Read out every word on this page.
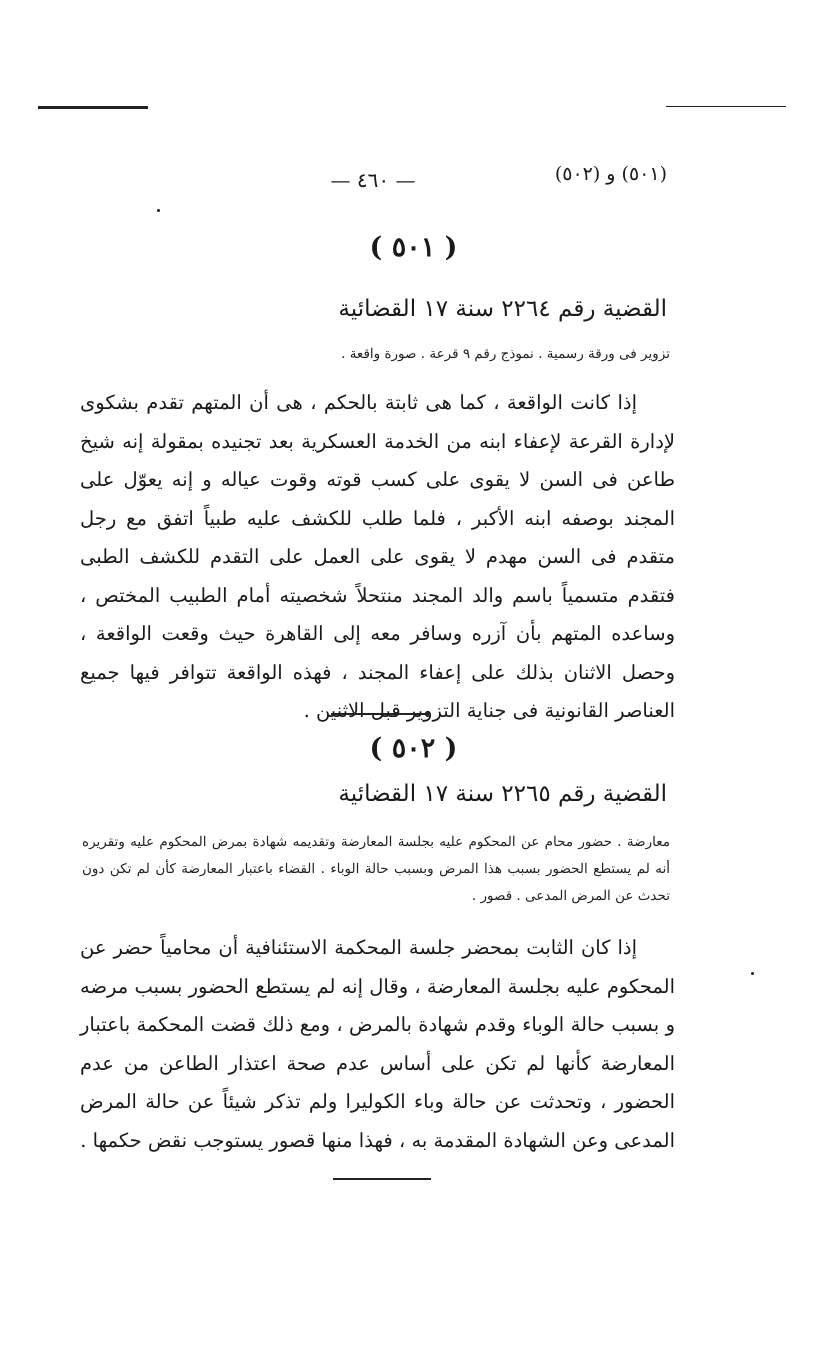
(٥٠١) و (٥٠٢)
— ٤٦٠ —
( ٥٠١ )
القضية رقم ٢٢٦٤ سنة ١٧ القضائية
تزوير فى ورقة رسمية . نموذج رقم ٩ قرعة . صورة واقعة .

إذا كانت الواقعة ، كما هى ثابتة بالحكم ، هى أن المتهم تقدم بشكوى لإدارة القرعة لإعفاء ابنه من الخدمة العسكرية بعد تجنيده بمقولة إنه شيخ طاعن فى السن لا يقوى على كسب قوته وقوت عياله و إنه يعوّل على المجند بوصفه ابنه الأكبر ، فلما طلب للكشف عليه طبياً اتفق مع رجل متقدم فى السن مهدم لا يقوى على العمل على التقدم للكشف الطبى فتقدم متسمياً باسم والد المجند منتحلاً شخصيته أمام الطبيب المختص ، وساعده المتهم بأن آزره وسافر معه إلى القاهرة حيث وقعت الواقعة ، وحصل الاثنان بذلك على إعفاء المجند ، فهذه الواقعة تتوافر فيها جميع العناصر القانونية فى جناية التزوير قبل الاثنين .

( ٥٠٢ )
القضية رقم ٢٢٦٥ سنة ١٧ القضائية
معارضة . حضور محام عن المحكوم عليه بجلسة المعارضة وتقديمه شهادة بمرض المحكوم عليه وتقريره أنه لم يستطع الحضور بسبب هذا المرض وبسبب حالة الوباء . القضاء باعتبار المعارضة كأن لم تكن دون تحدث عن المرض المدعى . قصور .

إذا كان الثابت بمحضر جلسة المحكمة الاستئنافية أن محامياً حضر عن المحكوم عليه بجلسة المعارضة ، وقال إنه لم يستطع الحضور بسبب مرضه و بسبب حالة الوباء وقدم شهادة بالمرض ، ومع ذلك قضت المحكمة باعتبار المعارضة كأنها لم تكن على أساس عدم صحة اعتذار الطاعن من عدم الحضور ، وتحدثت عن حالة وباء الكوليرا ولم تذكر شيئاً عن حالة المرض المدعى وعن الشهادة المقدمة به ، فهذا منها قصور يستوجب نقض حكمها .
